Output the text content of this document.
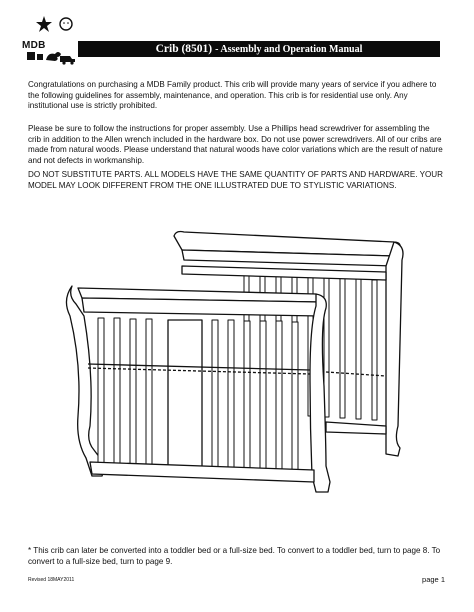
MDB	Crib (8501) - Assembly and Operation Manual

Congratulations on purchasing a MDB Family product. This crib will provide many years of service if you adhere to the following guidelines for assembly, maintenance, and operation. This crib is for residential use only. Any institutional use is strictly prohibited.

Please be sure to follow the instructions for proper assembly. Use a Phillips head screwdriver for assembling the crib in addition to the Allen wrench included in the hardware box. Do not use power screwdrivers. All of our cribs are made from natural woods. Please understand that natural woods have color variations which are the result of nature and not defects in workmanship.

DO NOT SUBSTITUTE PARTS. ALL MODELS HAVE THE SAME QUANTITY OF PARTS AND HARDWARE. YOUR MODEL MAY LOOK DIFFERENT FROM THE ONE ILLUSTRATED DUE TO STYLISTIC VARIATIONS.

* This crib can later be converted into a toddler bed or a full-size bed. To convert to a toddler bed, turn to page 8. To convert to a full-size bed, turn to page 9.

Revised 18MAY2011	page 1
